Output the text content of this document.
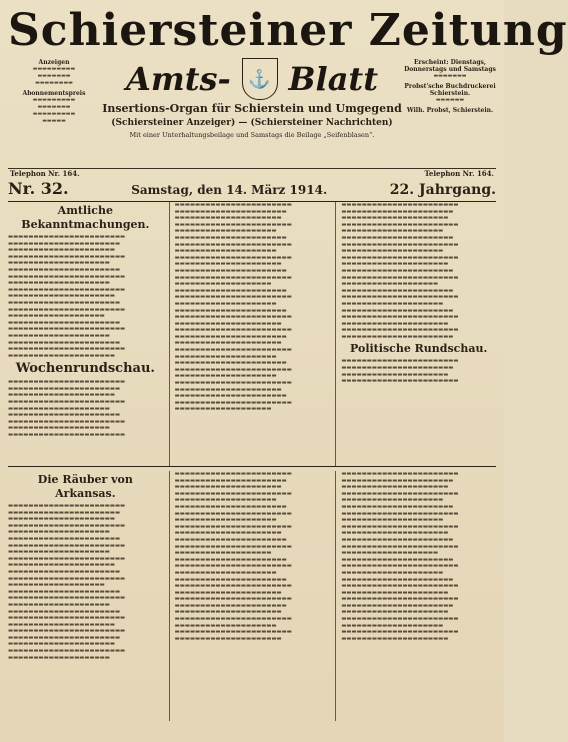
Schiersteiner Zeitung
Anzeigen
▬▬▬▬▬▬▬▬▬
▬▬▬▬▬▬▬
▬▬▬▬▬▬▬▬
Abonnementspreis
▬▬▬▬▬▬▬▬▬
▬▬▬▬▬▬▬
▬▬▬▬▬▬▬▬▬
▬▬▬▬▬
Amts- ⚓ Blatt
Insertions-Organ für Schierstein und Umgegend
(Schiersteiner Anzeiger) — (Schiersteiner Nachrichten)
Mit einer Unterhaltungsbeilage und Samstags die Beilage „Seifenblasen“.
Erscheint: Dienstags, Donnerstags und Samstags
▬▬▬▬▬▬▬
Probst'sche Buchdruckerei Schierstein.
▬▬▬▬▬▬
Wilh. Probst, Schierstein.
Telephon Nr. 164.	Telephon Nr. 164.
Nr. 32.	Samstag, den 14. März 1914.	22. Jahrgang.
Amtliche Bekanntmachungen.
▬▬▬▬▬▬▬▬▬▬▬▬▬▬▬▬▬▬▬▬▬▬▬ ▬▬▬▬▬▬▬▬▬▬▬▬▬▬▬▬▬▬▬▬▬▬ ▬▬▬▬▬▬▬▬▬▬▬▬▬▬▬▬▬▬▬▬▬ ▬▬▬▬▬▬▬▬▬▬▬▬▬▬▬▬▬▬▬▬▬▬▬ ▬▬▬▬▬▬▬▬▬▬▬▬▬▬▬▬▬▬▬▬ ▬▬▬▬▬▬▬▬▬▬▬▬▬▬▬▬▬▬▬▬▬▬ ▬▬▬▬▬▬▬▬▬▬▬▬▬▬▬▬▬▬▬▬▬▬▬ ▬▬▬▬▬▬▬▬▬▬▬▬▬▬▬▬▬▬▬▬ ▬▬▬▬▬▬▬▬▬▬▬▬▬▬▬▬▬▬▬▬▬▬▬ ▬▬▬▬▬▬▬▬▬▬▬▬▬▬▬▬▬▬▬▬▬ ▬▬▬▬▬▬▬▬▬▬▬▬▬▬▬▬▬▬▬▬▬▬ ▬▬▬▬▬▬▬▬▬▬▬▬▬▬▬▬▬▬▬▬▬▬▬ ▬▬▬▬▬▬▬▬▬▬▬▬▬▬▬▬▬▬▬ ▬▬▬▬▬▬▬▬▬▬▬▬▬▬▬▬▬▬▬▬▬▬ ▬▬▬▬▬▬▬▬▬▬▬▬▬▬▬▬▬▬▬▬▬▬▬ ▬▬▬▬▬▬▬▬▬▬▬▬▬▬▬▬▬▬▬▬ ▬▬▬▬▬▬▬▬▬▬▬▬▬▬▬▬▬▬▬▬▬▬ ▬▬▬▬▬▬▬▬▬▬▬▬▬▬▬▬▬▬▬▬▬▬▬ ▬▬▬▬▬▬▬▬▬▬▬▬▬▬▬▬▬▬▬▬▬
Wochenrundschau.
▬▬▬▬▬▬▬▬▬▬▬▬▬▬▬▬▬▬▬▬▬▬▬ ▬▬▬▬▬▬▬▬▬▬▬▬▬▬▬▬▬▬▬▬▬▬ ▬▬▬▬▬▬▬▬▬▬▬▬▬▬▬▬▬▬▬▬▬ ▬▬▬▬▬▬▬▬▬▬▬▬▬▬▬▬▬▬▬▬▬▬▬ ▬▬▬▬▬▬▬▬▬▬▬▬▬▬▬▬▬▬▬▬ ▬▬▬▬▬▬▬▬▬▬▬▬▬▬▬▬▬▬▬▬▬▬ ▬▬▬▬▬▬▬▬▬▬▬▬▬▬▬▬▬▬▬▬▬▬▬ ▬▬▬▬▬▬▬▬▬▬▬▬▬▬▬▬▬▬▬▬ ▬▬▬▬▬▬▬▬▬▬▬▬▬▬▬▬▬▬▬▬▬▬▬
▬▬▬▬▬▬▬▬▬▬▬▬▬▬▬▬▬▬▬▬▬▬▬ ▬▬▬▬▬▬▬▬▬▬▬▬▬▬▬▬▬▬▬▬▬▬ ▬▬▬▬▬▬▬▬▬▬▬▬▬▬▬▬▬▬▬▬▬ ▬▬▬▬▬▬▬▬▬▬▬▬▬▬▬▬▬▬▬▬▬▬▬ ▬▬▬▬▬▬▬▬▬▬▬▬▬▬▬▬▬▬▬▬ ▬▬▬▬▬▬▬▬▬▬▬▬▬▬▬▬▬▬▬▬▬▬ ▬▬▬▬▬▬▬▬▬▬▬▬▬▬▬▬▬▬▬▬▬▬▬ ▬▬▬▬▬▬▬▬▬▬▬▬▬▬▬▬▬▬▬▬ ▬▬▬▬▬▬▬▬▬▬▬▬▬▬▬▬▬▬▬▬▬▬▬ ▬▬▬▬▬▬▬▬▬▬▬▬▬▬▬▬▬▬▬▬▬ ▬▬▬▬▬▬▬▬▬▬▬▬▬▬▬▬▬▬▬▬▬▬ ▬▬▬▬▬▬▬▬▬▬▬▬▬▬▬▬▬▬▬▬▬▬▬ ▬▬▬▬▬▬▬▬▬▬▬▬▬▬▬▬▬▬▬ ▬▬▬▬▬▬▬▬▬▬▬▬▬▬▬▬▬▬▬▬▬▬ ▬▬▬▬▬▬▬▬▬▬▬▬▬▬▬▬▬▬▬▬▬▬▬ ▬▬▬▬▬▬▬▬▬▬▬▬▬▬▬▬▬▬▬▬ ▬▬▬▬▬▬▬▬▬▬▬▬▬▬▬▬▬▬▬▬▬▬ ▬▬▬▬▬▬▬▬▬▬▬▬▬▬▬▬▬▬▬▬▬▬▬ ▬▬▬▬▬▬▬▬▬▬▬▬▬▬▬▬▬▬▬▬▬ ▬▬▬▬▬▬▬▬▬▬▬▬▬▬▬▬▬▬▬▬▬▬▬ ▬▬▬▬▬▬▬▬▬▬▬▬▬▬▬▬▬▬▬▬▬▬ ▬▬▬▬▬▬▬▬▬▬▬▬▬▬▬▬▬▬▬▬▬ ▬▬▬▬▬▬▬▬▬▬▬▬▬▬▬▬▬▬▬▬▬▬▬ ▬▬▬▬▬▬▬▬▬▬▬▬▬▬▬▬▬▬▬▬ ▬▬▬▬▬▬▬▬▬▬▬▬▬▬▬▬▬▬▬▬▬▬ ▬▬▬▬▬▬▬▬▬▬▬▬▬▬▬▬▬▬▬▬▬▬▬ ▬▬▬▬▬▬▬▬▬▬▬▬▬▬▬▬▬▬▬▬ ▬▬▬▬▬▬▬▬▬▬▬▬▬▬▬▬▬▬▬▬▬▬▬ ▬▬▬▬▬▬▬▬▬▬▬▬▬▬▬▬▬▬▬▬▬ ▬▬▬▬▬▬▬▬▬▬▬▬▬▬▬▬▬▬▬▬▬▬ ▬▬▬▬▬▬▬▬▬▬▬▬▬▬▬▬▬▬▬▬▬▬▬ ▬▬▬▬▬▬▬▬▬▬▬▬▬▬▬▬▬▬▬
▬▬▬▬▬▬▬▬▬▬▬▬▬▬▬▬▬▬▬▬▬▬▬ ▬▬▬▬▬▬▬▬▬▬▬▬▬▬▬▬▬▬▬▬▬▬ ▬▬▬▬▬▬▬▬▬▬▬▬▬▬▬▬▬▬▬▬▬ ▬▬▬▬▬▬▬▬▬▬▬▬▬▬▬▬▬▬▬▬▬▬▬ ▬▬▬▬▬▬▬▬▬▬▬▬▬▬▬▬▬▬▬▬ ▬▬▬▬▬▬▬▬▬▬▬▬▬▬▬▬▬▬▬▬▬▬ ▬▬▬▬▬▬▬▬▬▬▬▬▬▬▬▬▬▬▬▬▬▬▬ ▬▬▬▬▬▬▬▬▬▬▬▬▬▬▬▬▬▬▬▬ ▬▬▬▬▬▬▬▬▬▬▬▬▬▬▬▬▬▬▬▬▬▬▬ ▬▬▬▬▬▬▬▬▬▬▬▬▬▬▬▬▬▬▬▬▬ ▬▬▬▬▬▬▬▬▬▬▬▬▬▬▬▬▬▬▬▬▬▬ ▬▬▬▬▬▬▬▬▬▬▬▬▬▬▬▬▬▬▬▬▬▬▬ ▬▬▬▬▬▬▬▬▬▬▬▬▬▬▬▬▬▬▬ ▬▬▬▬▬▬▬▬▬▬▬▬▬▬▬▬▬▬▬▬▬▬ ▬▬▬▬▬▬▬▬▬▬▬▬▬▬▬▬▬▬▬▬▬▬▬ ▬▬▬▬▬▬▬▬▬▬▬▬▬▬▬▬▬▬▬▬ ▬▬▬▬▬▬▬▬▬▬▬▬▬▬▬▬▬▬▬▬▬▬ ▬▬▬▬▬▬▬▬▬▬▬▬▬▬▬▬▬▬▬▬▬▬▬ ▬▬▬▬▬▬▬▬▬▬▬▬▬▬▬▬▬▬▬▬▬ ▬▬▬▬▬▬▬▬▬▬▬▬▬▬▬▬▬▬▬▬▬▬▬ ▬▬▬▬▬▬▬▬▬▬▬▬▬▬▬▬▬▬▬▬▬▬
Politische Rundschau.
▬▬▬▬▬▬▬▬▬▬▬▬▬▬▬▬▬▬▬▬▬▬▬ ▬▬▬▬▬▬▬▬▬▬▬▬▬▬▬▬▬▬▬▬▬▬ ▬▬▬▬▬▬▬▬▬▬▬▬▬▬▬▬▬▬▬▬▬ ▬▬▬▬▬▬▬▬▬▬▬▬▬▬▬▬▬▬▬▬▬▬▬
Die Räuber von Arkansas.
▬▬▬▬▬▬▬▬▬▬▬▬▬▬▬▬▬▬▬▬▬▬▬ ▬▬▬▬▬▬▬▬▬▬▬▬▬▬▬▬▬▬▬▬▬▬ ▬▬▬▬▬▬▬▬▬▬▬▬▬▬▬▬▬▬▬▬▬ ▬▬▬▬▬▬▬▬▬▬▬▬▬▬▬▬▬▬▬▬▬▬▬ ▬▬▬▬▬▬▬▬▬▬▬▬▬▬▬▬▬▬▬▬ ▬▬▬▬▬▬▬▬▬▬▬▬▬▬▬▬▬▬▬▬▬▬ ▬▬▬▬▬▬▬▬▬▬▬▬▬▬▬▬▬▬▬▬▬▬▬ ▬▬▬▬▬▬▬▬▬▬▬▬▬▬▬▬▬▬▬▬ ▬▬▬▬▬▬▬▬▬▬▬▬▬▬▬▬▬▬▬▬▬▬▬ ▬▬▬▬▬▬▬▬▬▬▬▬▬▬▬▬▬▬▬▬▬ ▬▬▬▬▬▬▬▬▬▬▬▬▬▬▬▬▬▬▬▬▬▬ ▬▬▬▬▬▬▬▬▬▬▬▬▬▬▬▬▬▬▬▬▬▬▬ ▬▬▬▬▬▬▬▬▬▬▬▬▬▬▬▬▬▬▬ ▬▬▬▬▬▬▬▬▬▬▬▬▬▬▬▬▬▬▬▬▬▬ ▬▬▬▬▬▬▬▬▬▬▬▬▬▬▬▬▬▬▬▬▬▬▬ ▬▬▬▬▬▬▬▬▬▬▬▬▬▬▬▬▬▬▬▬ ▬▬▬▬▬▬▬▬▬▬▬▬▬▬▬▬▬▬▬▬▬▬ ▬▬▬▬▬▬▬▬▬▬▬▬▬▬▬▬▬▬▬▬▬▬▬ ▬▬▬▬▬▬▬▬▬▬▬▬▬▬▬▬▬▬▬▬▬ ▬▬▬▬▬▬▬▬▬▬▬▬▬▬▬▬▬▬▬▬▬▬▬ ▬▬▬▬▬▬▬▬▬▬▬▬▬▬▬▬▬▬▬▬▬▬ ▬▬▬▬▬▬▬▬▬▬▬▬▬▬▬▬▬▬▬▬▬ ▬▬▬▬▬▬▬▬▬▬▬▬▬▬▬▬▬▬▬▬▬▬▬ ▬▬▬▬▬▬▬▬▬▬▬▬▬▬▬▬▬▬▬▬
▬▬▬▬▬▬▬▬▬▬▬▬▬▬▬▬▬▬▬▬▬▬▬ ▬▬▬▬▬▬▬▬▬▬▬▬▬▬▬▬▬▬▬▬▬▬ ▬▬▬▬▬▬▬▬▬▬▬▬▬▬▬▬▬▬▬▬▬ ▬▬▬▬▬▬▬▬▬▬▬▬▬▬▬▬▬▬▬▬▬▬▬ ▬▬▬▬▬▬▬▬▬▬▬▬▬▬▬▬▬▬▬▬ ▬▬▬▬▬▬▬▬▬▬▬▬▬▬▬▬▬▬▬▬▬▬ ▬▬▬▬▬▬▬▬▬▬▬▬▬▬▬▬▬▬▬▬▬▬▬ ▬▬▬▬▬▬▬▬▬▬▬▬▬▬▬▬▬▬▬▬ ▬▬▬▬▬▬▬▬▬▬▬▬▬▬▬▬▬▬▬▬▬▬▬ ▬▬▬▬▬▬▬▬▬▬▬▬▬▬▬▬▬▬▬▬▬ ▬▬▬▬▬▬▬▬▬▬▬▬▬▬▬▬▬▬▬▬▬▬ ▬▬▬▬▬▬▬▬▬▬▬▬▬▬▬▬▬▬▬▬▬▬▬ ▬▬▬▬▬▬▬▬▬▬▬▬▬▬▬▬▬▬▬ ▬▬▬▬▬▬▬▬▬▬▬▬▬▬▬▬▬▬▬▬▬▬ ▬▬▬▬▬▬▬▬▬▬▬▬▬▬▬▬▬▬▬▬▬▬▬ ▬▬▬▬▬▬▬▬▬▬▬▬▬▬▬▬▬▬▬▬ ▬▬▬▬▬▬▬▬▬▬▬▬▬▬▬▬▬▬▬▬▬▬ ▬▬▬▬▬▬▬▬▬▬▬▬▬▬▬▬▬▬▬▬▬▬▬ ▬▬▬▬▬▬▬▬▬▬▬▬▬▬▬▬▬▬▬▬▬ ▬▬▬▬▬▬▬▬▬▬▬▬▬▬▬▬▬▬▬▬▬▬▬ ▬▬▬▬▬▬▬▬▬▬▬▬▬▬▬▬▬▬▬▬▬▬ ▬▬▬▬▬▬▬▬▬▬▬▬▬▬▬▬▬▬▬▬▬ ▬▬▬▬▬▬▬▬▬▬▬▬▬▬▬▬▬▬▬▬▬▬▬ ▬▬▬▬▬▬▬▬▬▬▬▬▬▬▬▬▬▬▬▬ ▬▬▬▬▬▬▬▬▬▬▬▬▬▬▬▬▬▬▬▬▬▬▬ ▬▬▬▬▬▬▬▬▬▬▬▬▬▬▬▬▬▬▬▬▬
▬▬▬▬▬▬▬▬▬▬▬▬▬▬▬▬▬▬▬▬▬▬▬ ▬▬▬▬▬▬▬▬▬▬▬▬▬▬▬▬▬▬▬▬▬▬ ▬▬▬▬▬▬▬▬▬▬▬▬▬▬▬▬▬▬▬▬▬ ▬▬▬▬▬▬▬▬▬▬▬▬▬▬▬▬▬▬▬▬▬▬▬ ▬▬▬▬▬▬▬▬▬▬▬▬▬▬▬▬▬▬▬▬ ▬▬▬▬▬▬▬▬▬▬▬▬▬▬▬▬▬▬▬▬▬▬ ▬▬▬▬▬▬▬▬▬▬▬▬▬▬▬▬▬▬▬▬▬▬▬ ▬▬▬▬▬▬▬▬▬▬▬▬▬▬▬▬▬▬▬▬ ▬▬▬▬▬▬▬▬▬▬▬▬▬▬▬▬▬▬▬▬▬▬▬ ▬▬▬▬▬▬▬▬▬▬▬▬▬▬▬▬▬▬▬▬▬ ▬▬▬▬▬▬▬▬▬▬▬▬▬▬▬▬▬▬▬▬▬▬ ▬▬▬▬▬▬▬▬▬▬▬▬▬▬▬▬▬▬▬▬▬▬▬ ▬▬▬▬▬▬▬▬▬▬▬▬▬▬▬▬▬▬▬ ▬▬▬▬▬▬▬▬▬▬▬▬▬▬▬▬▬▬▬▬▬▬ ▬▬▬▬▬▬▬▬▬▬▬▬▬▬▬▬▬▬▬▬▬▬▬ ▬▬▬▬▬▬▬▬▬▬▬▬▬▬▬▬▬▬▬▬ ▬▬▬▬▬▬▬▬▬▬▬▬▬▬▬▬▬▬▬▬▬▬ ▬▬▬▬▬▬▬▬▬▬▬▬▬▬▬▬▬▬▬▬▬▬▬ ▬▬▬▬▬▬▬▬▬▬▬▬▬▬▬▬▬▬▬▬▬ ▬▬▬▬▬▬▬▬▬▬▬▬▬▬▬▬▬▬▬▬▬▬▬ ▬▬▬▬▬▬▬▬▬▬▬▬▬▬▬▬▬▬▬▬▬▬ ▬▬▬▬▬▬▬▬▬▬▬▬▬▬▬▬▬▬▬▬▬ ▬▬▬▬▬▬▬▬▬▬▬▬▬▬▬▬▬▬▬▬▬▬▬ ▬▬▬▬▬▬▬▬▬▬▬▬▬▬▬▬▬▬▬▬ ▬▬▬▬▬▬▬▬▬▬▬▬▬▬▬▬▬▬▬▬▬▬▬ ▬▬▬▬▬▬▬▬▬▬▬▬▬▬▬▬▬▬▬▬▬
